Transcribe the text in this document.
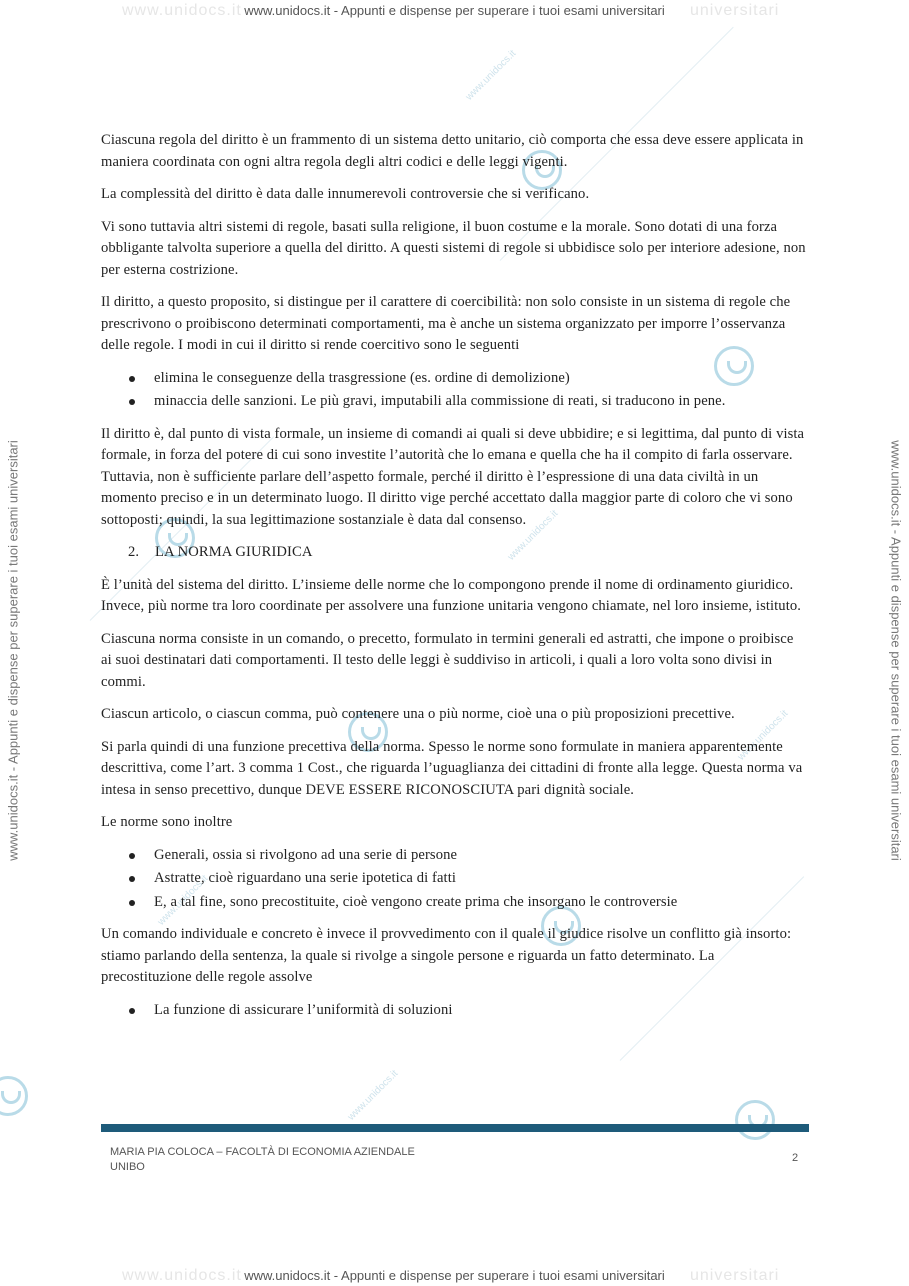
www.unidocs.it www.unidocs.it - Appunti e dispense per superare i tuoi esami universitari universitari
www.unidocs.it www.unidocs.it - Appunti e dispense per superare i tuoi esami universitari universitari
www.unidocs.it - Appunti e dispense per superare i tuoi esami universitari	www.unidocs.it - Appunti e dispense per superare i tuoi esami universitari
www.unidocs.it
www.unidocs.it
www.unidocs.it
www.unidocs.it
www.unidocs.it

Ciascuna regola del diritto è un frammento di un sistema detto unitario, ciò comporta che essa deve essere applicata in maniera coordinata con ogni altra regola degli altri codici e delle leggi vigenti.

La complessità del diritto è data dalle innumerevoli controversie che si verificano.

Vi sono tuttavia altri sistemi di regole, basati sulla religione, il buon costume e la morale. Sono dotati di una forza obbligante talvolta superiore a quella del diritto. A questi sistemi di regole si ubbidisce solo per interiore adesione, non per esterna costrizione.

Il diritto, a questo proposito, si distingue per il carattere di coercibilità: non solo consiste in un sistema di regole che prescrivono o proibiscono determinati comportamenti, ma è anche un sistema organizzato per imporre l’osservanza delle regole. I modi in cui il diritto si rende coercitivo sono le seguenti

elimina le conseguenze della trasgressione (es. ordine di demolizione)
minaccia delle sanzioni. Le più gravi, imputabili alla commissione di reati, si traducono in pene.

Il diritto è, dal punto di vista formale, un insieme di comandi ai quali si deve ubbidire; e si legittima, dal punto di vista formale, in forza del potere di cui sono investite l’autorità che lo emana e quella che ha il compito di farla osservare. Tuttavia, non è sufficiente parlare dell’aspetto formale, perché il diritto è l’espressione di una data civiltà in un momento preciso e in un determinato luogo. Il diritto vige perché accettato dalla maggior parte di coloro che vi sono sottoposti; quindi, la sua legittimazione sostanziale è data dal consenso.

2. LA NORMA GIURIDICA

È l’unità del sistema del diritto. L’insieme delle norme che lo compongono prende il nome di ordinamento giuridico. Invece, più norme tra loro coordinate per assolvere una funzione unitaria vengono chiamate, nel loro insieme, istituto.

Ciascuna norma consiste in un comando, o precetto, formulato in termini generali ed astratti, che impone o proibisce ai suoi destinatari dati comportamenti. Il testo delle leggi è suddiviso in articoli, i quali a loro volta sono divisi in commi.

Ciascun articolo, o ciascun comma, può contenere una o più norme, cioè una o più proposizioni precettive.

Si parla quindi di una funzione precettiva della norma. Spesso le norme sono formulate in maniera apparentemente descrittiva, come l’art. 3 comma 1 Cost., che riguarda l’uguaglianza dei cittadini di fronte alla legge. Questa norma va intesa in senso precettivo, dunque DEVE ESSERE RICONOSCIUTA pari dignità sociale.

Le norme sono inoltre

Generali, ossia si rivolgono ad una serie di persone
Astratte, cioè riguardano una serie ipotetica di fatti
E, a tal fine, sono precostituite, cioè vengono create prima che insorgano le controversie

Un comando individuale e concreto è invece il provvedimento con il quale il giudice risolve un conflitto già insorto: stiamo parlando della sentenza, la quale si rivolge a singole persone e riguarda un fatto determinato. La precostituzione delle regole assolve

La funzione di assicurare l’uniformità di soluzioni
MARIA PIA COLOCA – FACOLTÀ DI ECONOMIA AZIENDALE
UNIBO
2
